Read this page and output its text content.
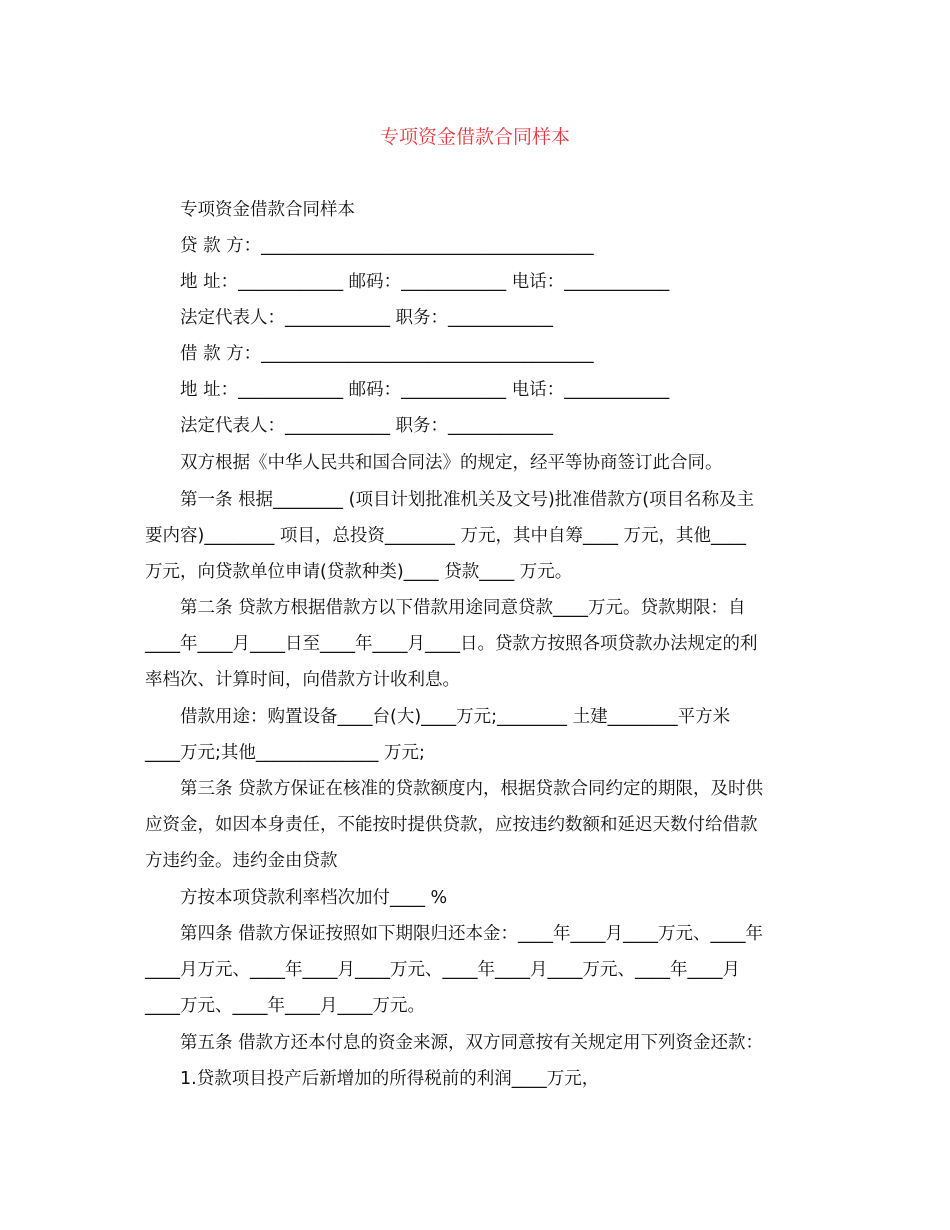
专项资金借款合同样本
专项资金借款合同样本
贷 款 方：______________________________________
地 址：____________ 邮码：____________ 电话：____________
法定代表人：____________ 职务：____________
借 款 方：______________________________________
地 址：____________ 邮码：____________ 电话：____________
法定代表人：____________ 职务：____________
双方根据《中华人民共和国合同法》的规定，经平等协商签订此合同。
第一条 根据________ (项目计划批准机关及文号)批准借款方(项目名称及主
要内容)________ 项目，总投资________ 万元，其中自筹____ 万元，其他____
万元，向贷款单位申请(贷款种类)____ 贷款____ 万元。
第二条 贷款方根据借款方以下借款用途同意贷款____万元。贷款期限：自
____年____月____日至____年____月____日。贷款方按照各项贷款办法规定的利
率档次、计算时间，向借款方计收利息。
借款用途：购置设备____台(大)____万元;________ 土建________平方米
____万元;其他______________ 万元;
第三条 贷款方保证在核准的贷款额度内，根据贷款合同约定的期限，及时供
应资金，如因本身责任，不能按时提供贷款，应按违约数额和延迟天数付给借款
方违约金。违约金由贷款
方按本项贷款利率档次加付____ %
第四条 借款方保证按照如下期限归还本金：____年____月____万元、____年
____月万元、____年____月____万元、____年____月____万元、____年____月
____万元、____年____月____万元。
第五条 借款方还本付息的资金来源，双方同意按有关规定用下列资金还款：
1.贷款项目投产后新增加的所得税前的利润____万元，
